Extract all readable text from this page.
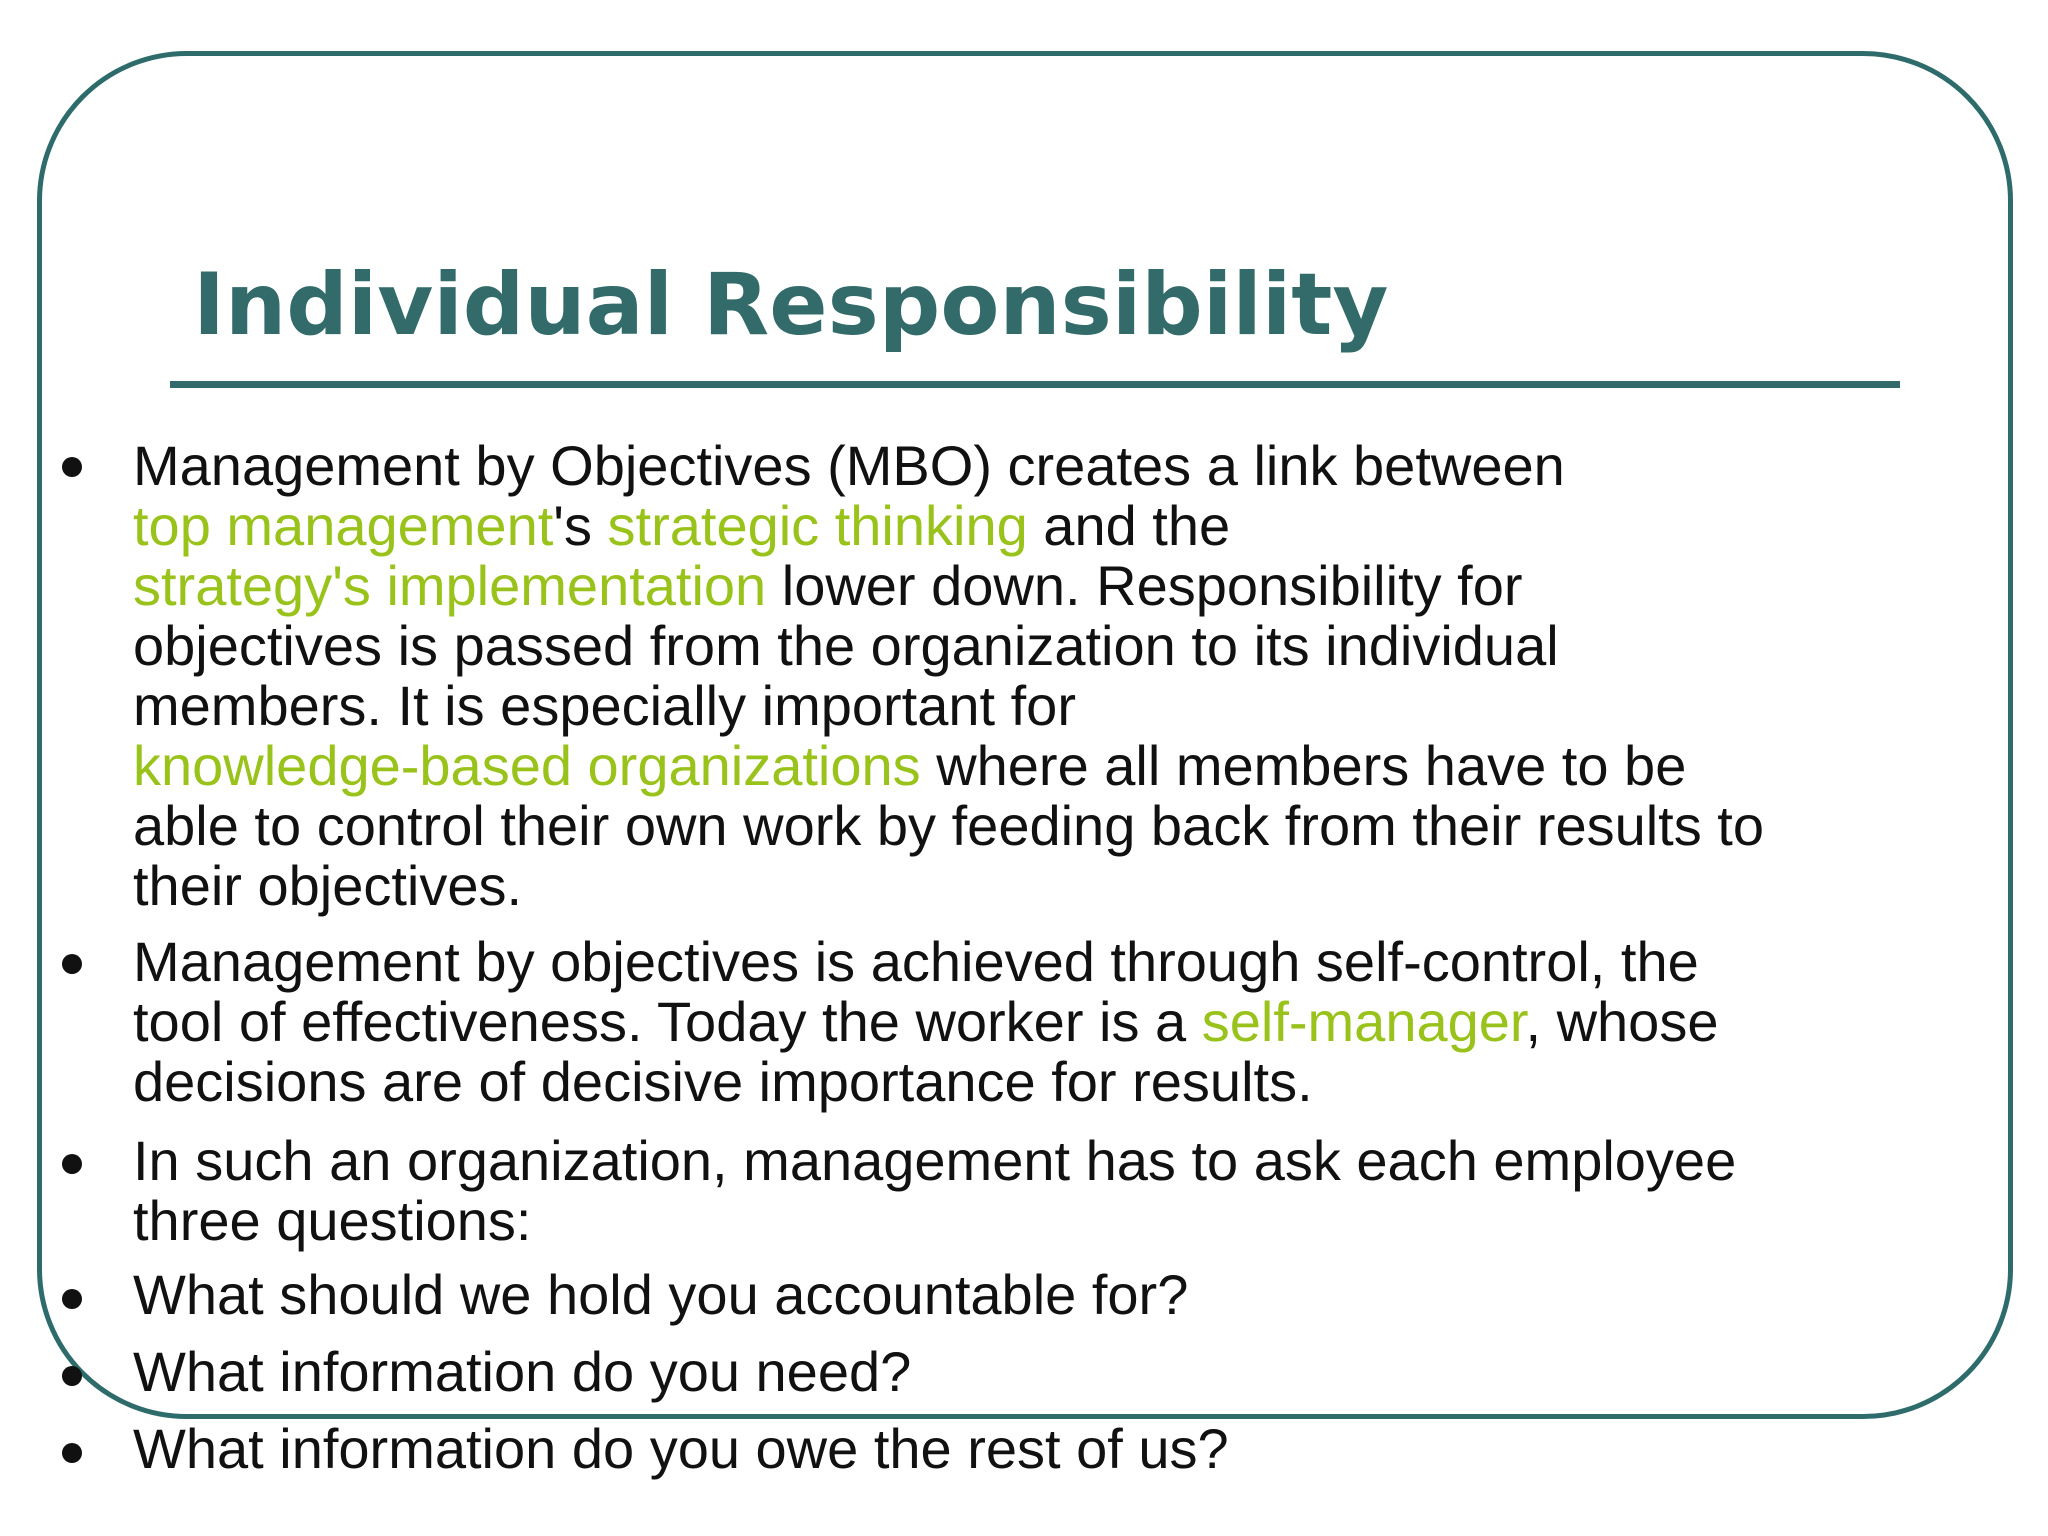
Individual Responsibility
Management by Objectives (MBO) creates a link between
top management's strategic thinking and the
strategy's implementation lower down. Responsibility for
objectives is passed from the organization to its individual
members. It is especially important for
knowledge-based organizations where all members have to be
able to control their own work by feeding back from their results to
their objectives.
Management by objectives is achieved through self-control, the
tool of effectiveness. Today the worker is a self-manager, whose
decisions are of decisive importance for results.
In such an organization, management has to ask each employee
three questions:
What should we hold you accountable for?
What information do you need?
What information do you owe the rest of us?
